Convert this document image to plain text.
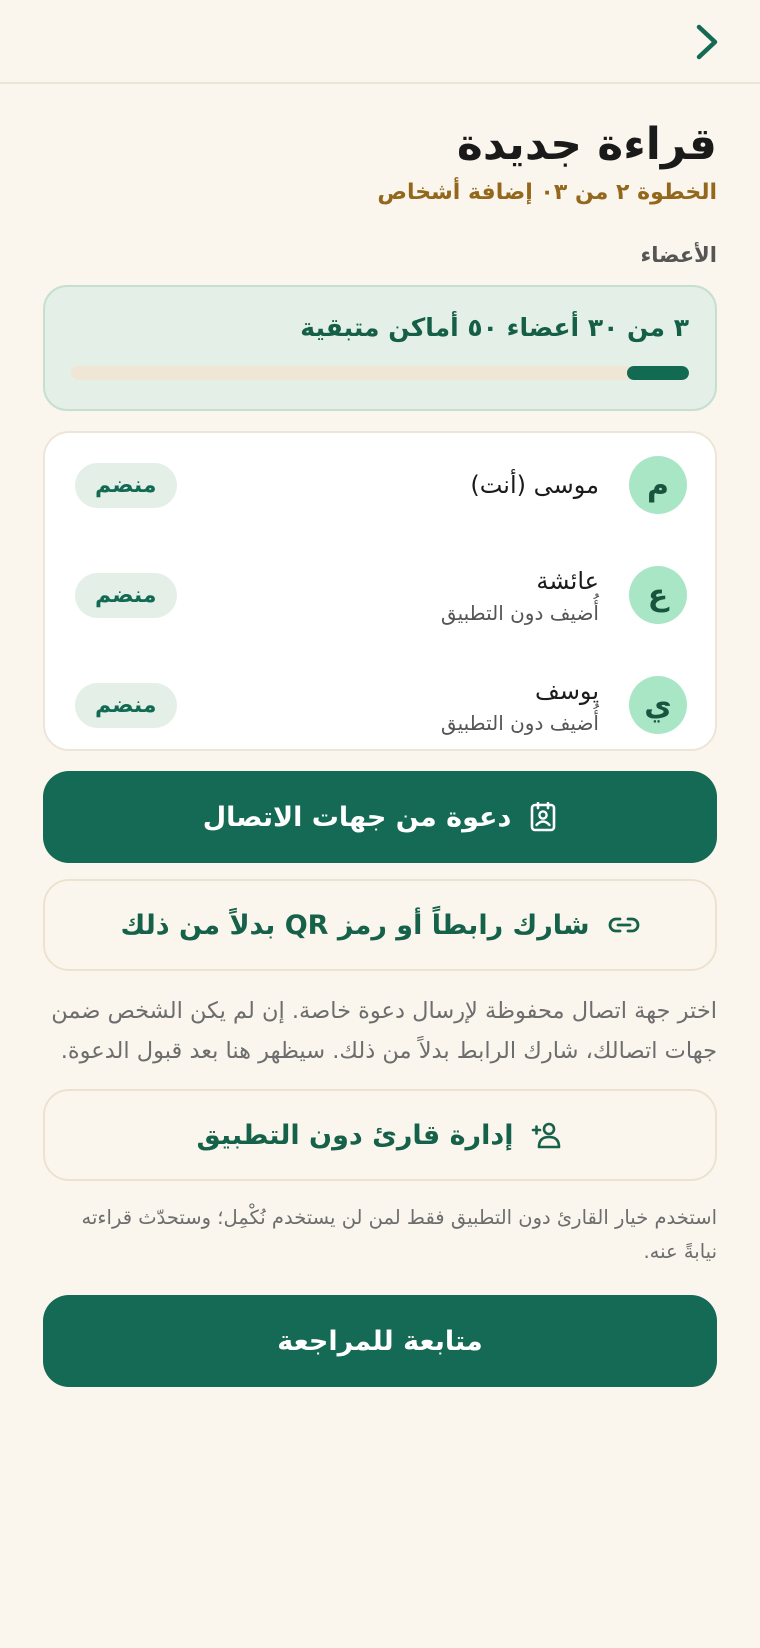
قراءة جديدة
الخطوة ٢ من ٠٣ إضافة أشخاص
الأعضاء
٣ من ٣٠ أعضاء ٥٠ أماكن متبقية
م
موسى (أنت)
منضم
ع
عائشة
أُضيف دون التطبيق
منضم
ي
يوسف
أُضيف دون التطبيق
منضم
دعوة من جهات الاتصال
شارك رابطاً أو رمز QR بدلاً من ذلك

اختر جهة اتصال محفوظة لإرسال دعوة خاصة. إن لم يكن الشخص ضمن جهات اتصالك، شارك الرابط بدلاً من ذلك. سيظهر هنا بعد قبول الدعوة.

إدارة قارئ دون التطبيق

استخدم خيار القارئ دون التطبيق فقط لمن لن يستخدم نُكْمِل؛ وستحدّث قراءته نيابةً عنه.

متابعة للمراجعة
